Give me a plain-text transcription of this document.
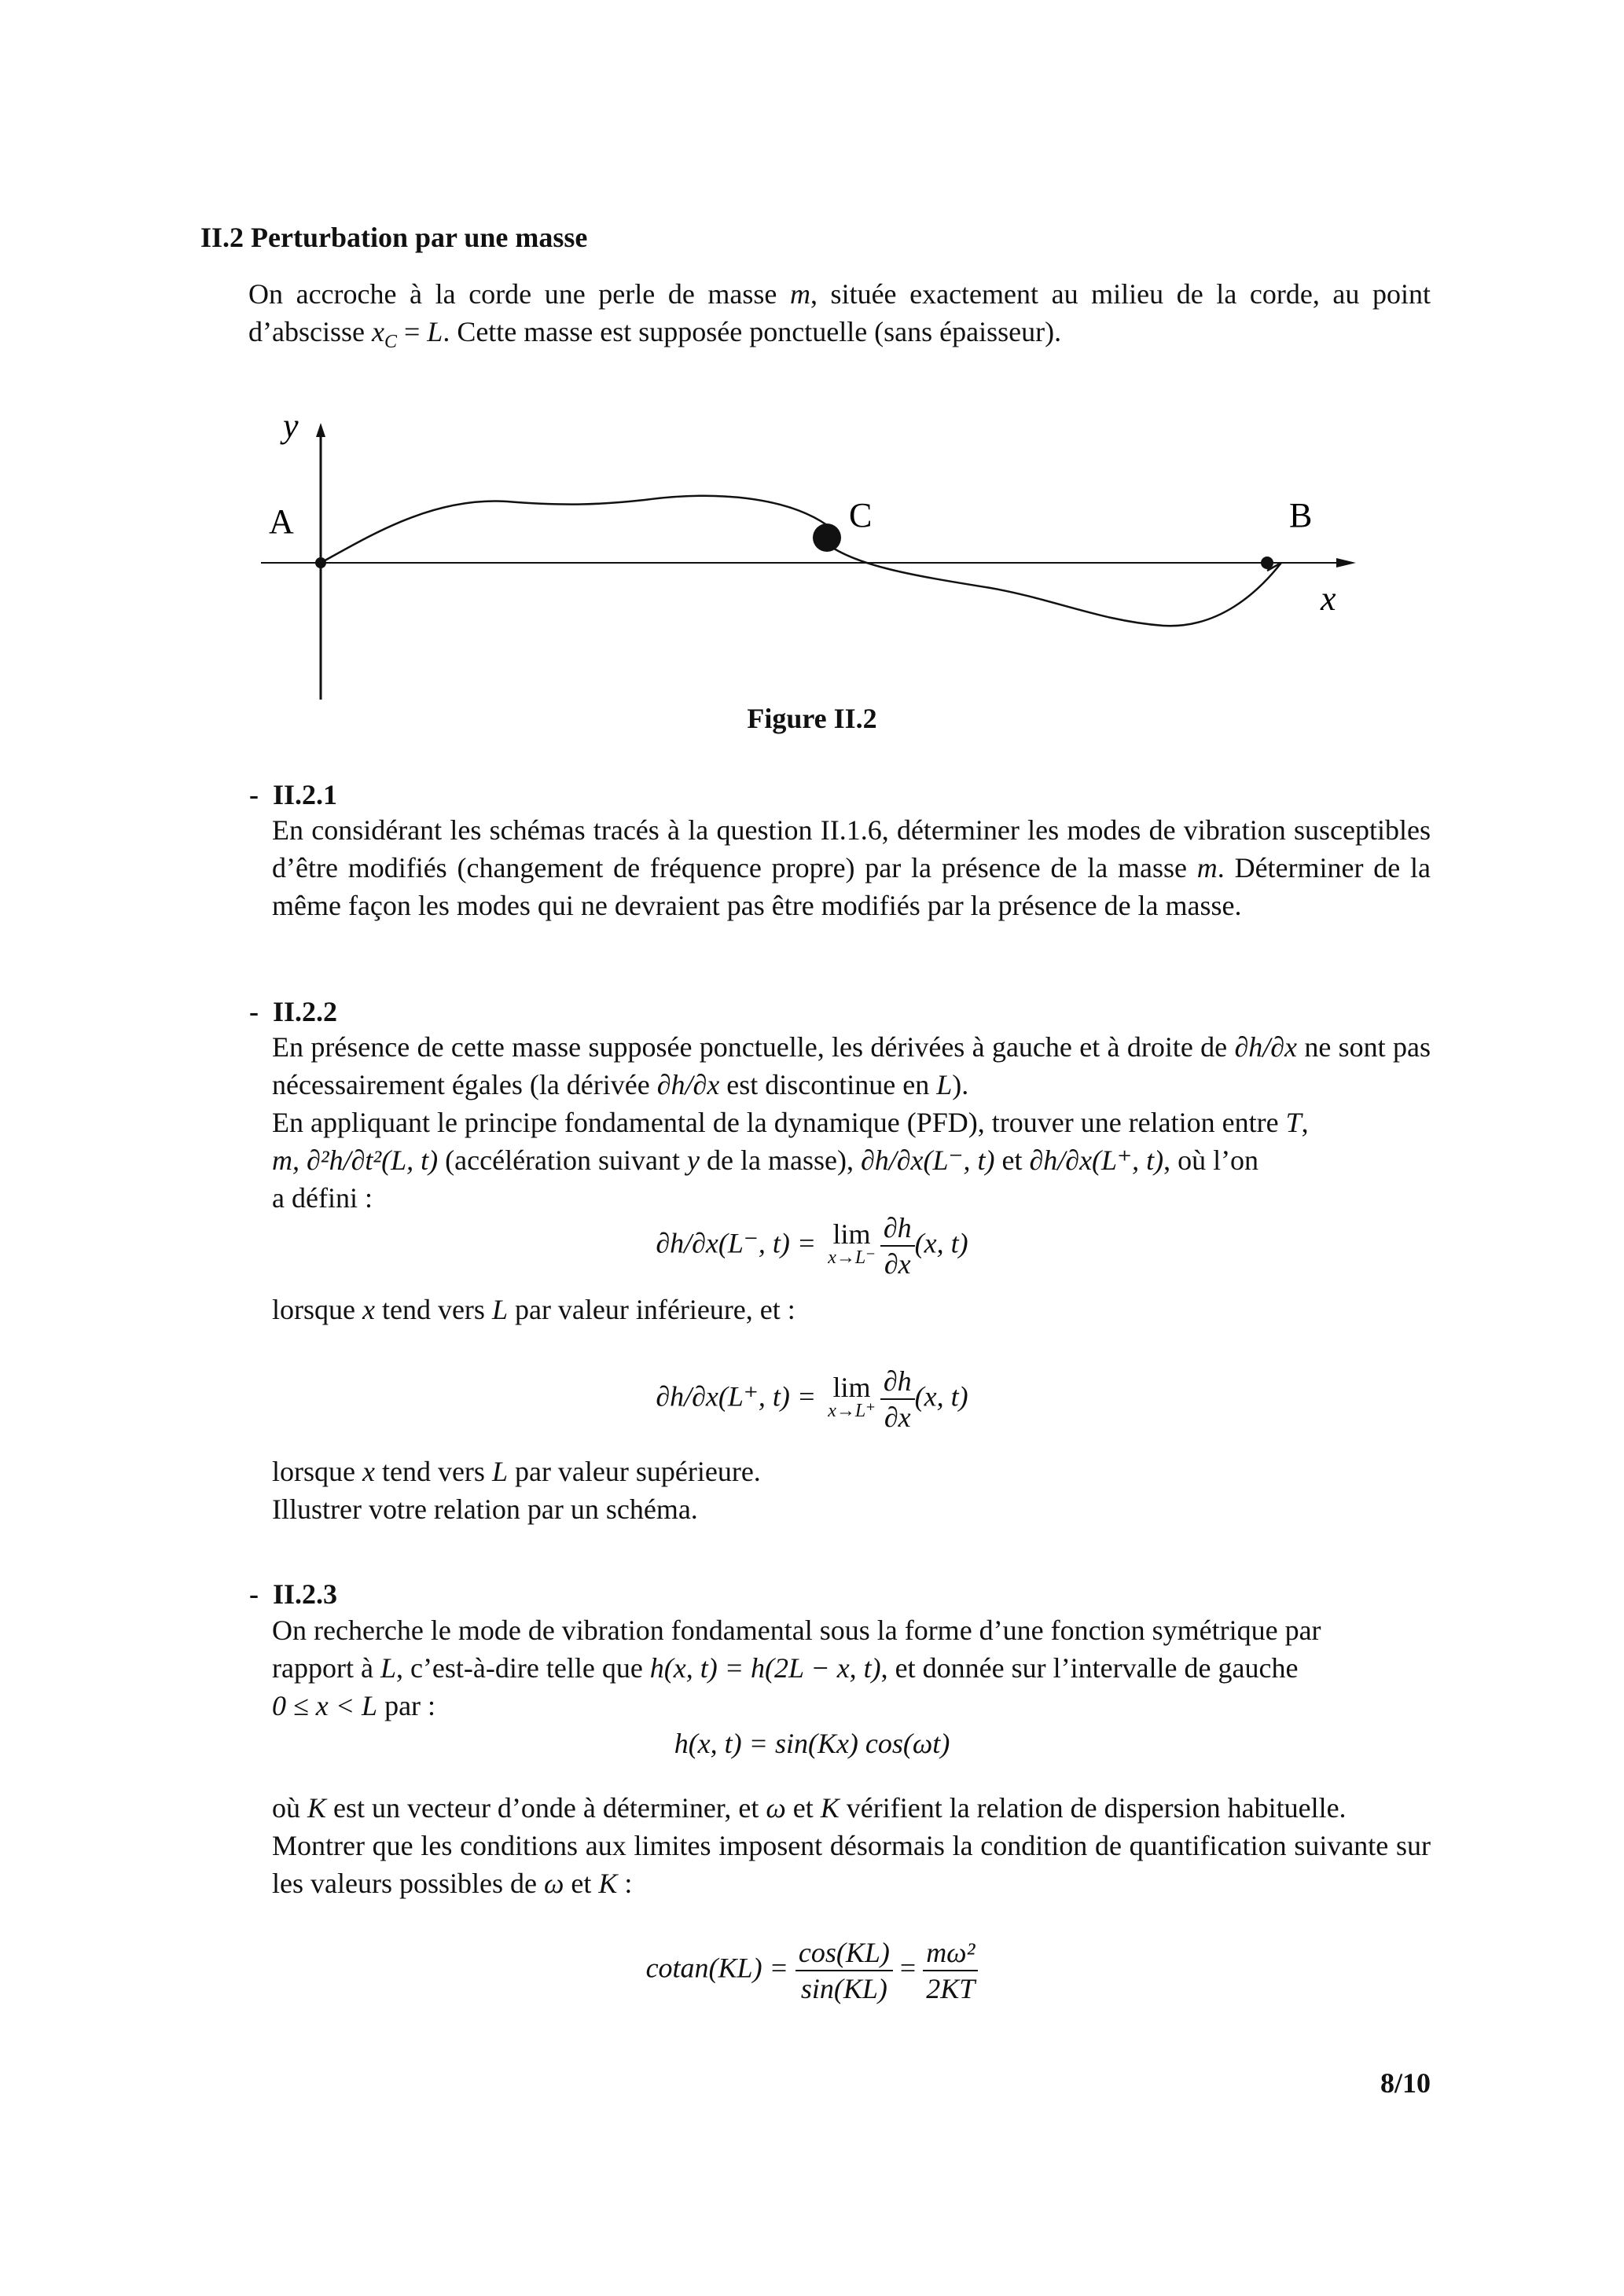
II.2 Perturbation par une masse
On accroche à la corde une perle de masse m, située exactement au milieu de la corde, au point d’abscisse $x_C = L$. Cette masse est supposée ponctuelle (sans épaisseur).
y
A	C	B
x
Figure II.2
- II.2.1
En considérant les schémas tracés à la question II.1.6, déterminer les modes de vibration susceptibles d’être modifiés (changement de fréquence propre) par la présence de la masse m. Déterminer de la même façon les modes qui ne devraient pas être modifiés par la présence de la masse.
- II.2.2
En présence de cette masse supposée ponctuelle, les dérivées à gauche et à droite de ∂h/∂x ne sont pas nécessairement égales (la dérivée ∂h/∂x est discontinue en L).
En appliquant le principe fondamental de la dynamique (PFD), trouver une relation entre T,
m, ∂²h/∂t²(L, t) (accélération suivant y de la masse), ∂h/∂x(L⁻, t) et ∂h/∂x(L⁺, t), où l’on
a défini :
∂h/∂x(L⁻, t) = lim
$x\to L^- \frac{\partial h}{\partial x} (x$, t)
lorsque x tend vers L par valeur inférieure, et :
∂h/∂x(L⁺, t) = lim
$x\to L^+ \frac{\partial h}{\partial x} (x$, t)
lorsque x tend vers L par valeur supérieure.
Illustrer votre relation par un schéma.
- II.2.3
On recherche le mode de vibration fondamental sous la forme d’une fonction symétrique par
rapport à L, c’est-à-dire telle que h(x, t) = h(2L − x, t), et donnée sur l’intervalle de gauche
0 ≤ x < L par :
h(x, t) = sin(Kx) cos(ωt)
où K est un vecteur d’onde à déterminer, et ω et K vérifient la relation de dispersion habituelle.
Montrer que les conditions aux limites imposent désormais la condition de quantification suivante sur les valeurs possibles de ω et K :
$cotan(KL) = \frac{\cos(KL)}{\sin(KL)} = \frac{\text{mω²}}{2KT}$
8/10
